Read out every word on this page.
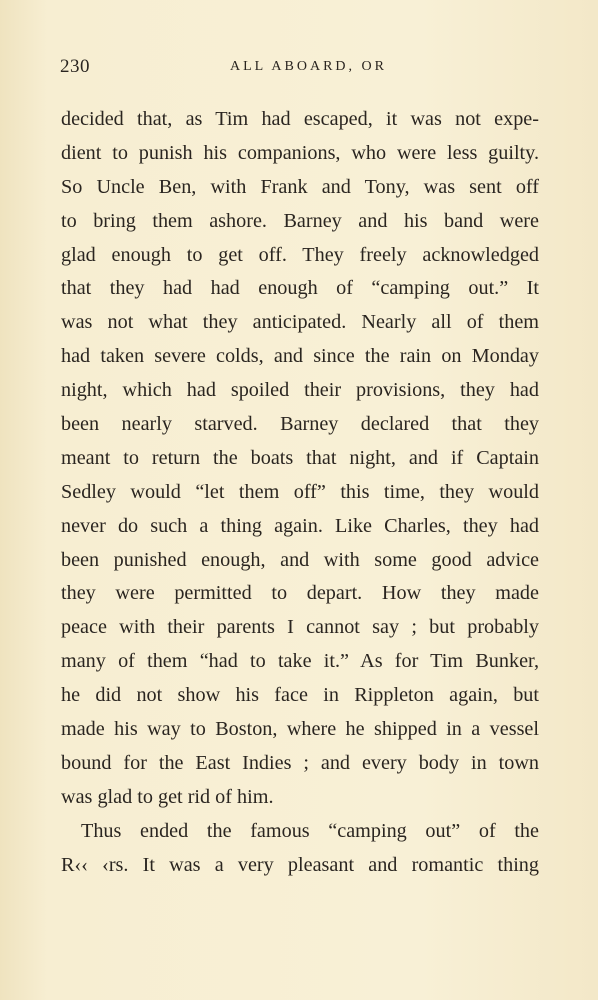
230	ALL ABOARD, OR
decided that, as Tim had escaped, it was not expe-
dient to punish his companions, who were less guilty.
So Uncle Ben, with Frank and Tony, was sent off
to bring them ashore. Barney and his band were
glad enough to get off. They freely acknowledged
that they had had enough of “camping out.” It
was not what they anticipated. Nearly all of them
had taken severe colds, and since the rain on Monday
night, which had spoiled their provisions, they had
been nearly starved. Barney declared that they
meant to return the boats that night, and if Captain
Sedley would “let them off” this time, they would
never do such a thing again. Like Charles, they had
been punished enough, and with some good advice
they were permitted to depart. How they made
peace with their parents I cannot say ; but probably
many of them “had to take it.” As for Tim Bunker,
he did not show his face in Rippleton again, but
made his way to Boston, where he shipped in a vessel
bound for the East Indies ; and every body in town
was glad to get rid of him.
Thus ended the famous “camping out” of the
R‹‹ ‹rs. It was a very pleasant and romantic thing
